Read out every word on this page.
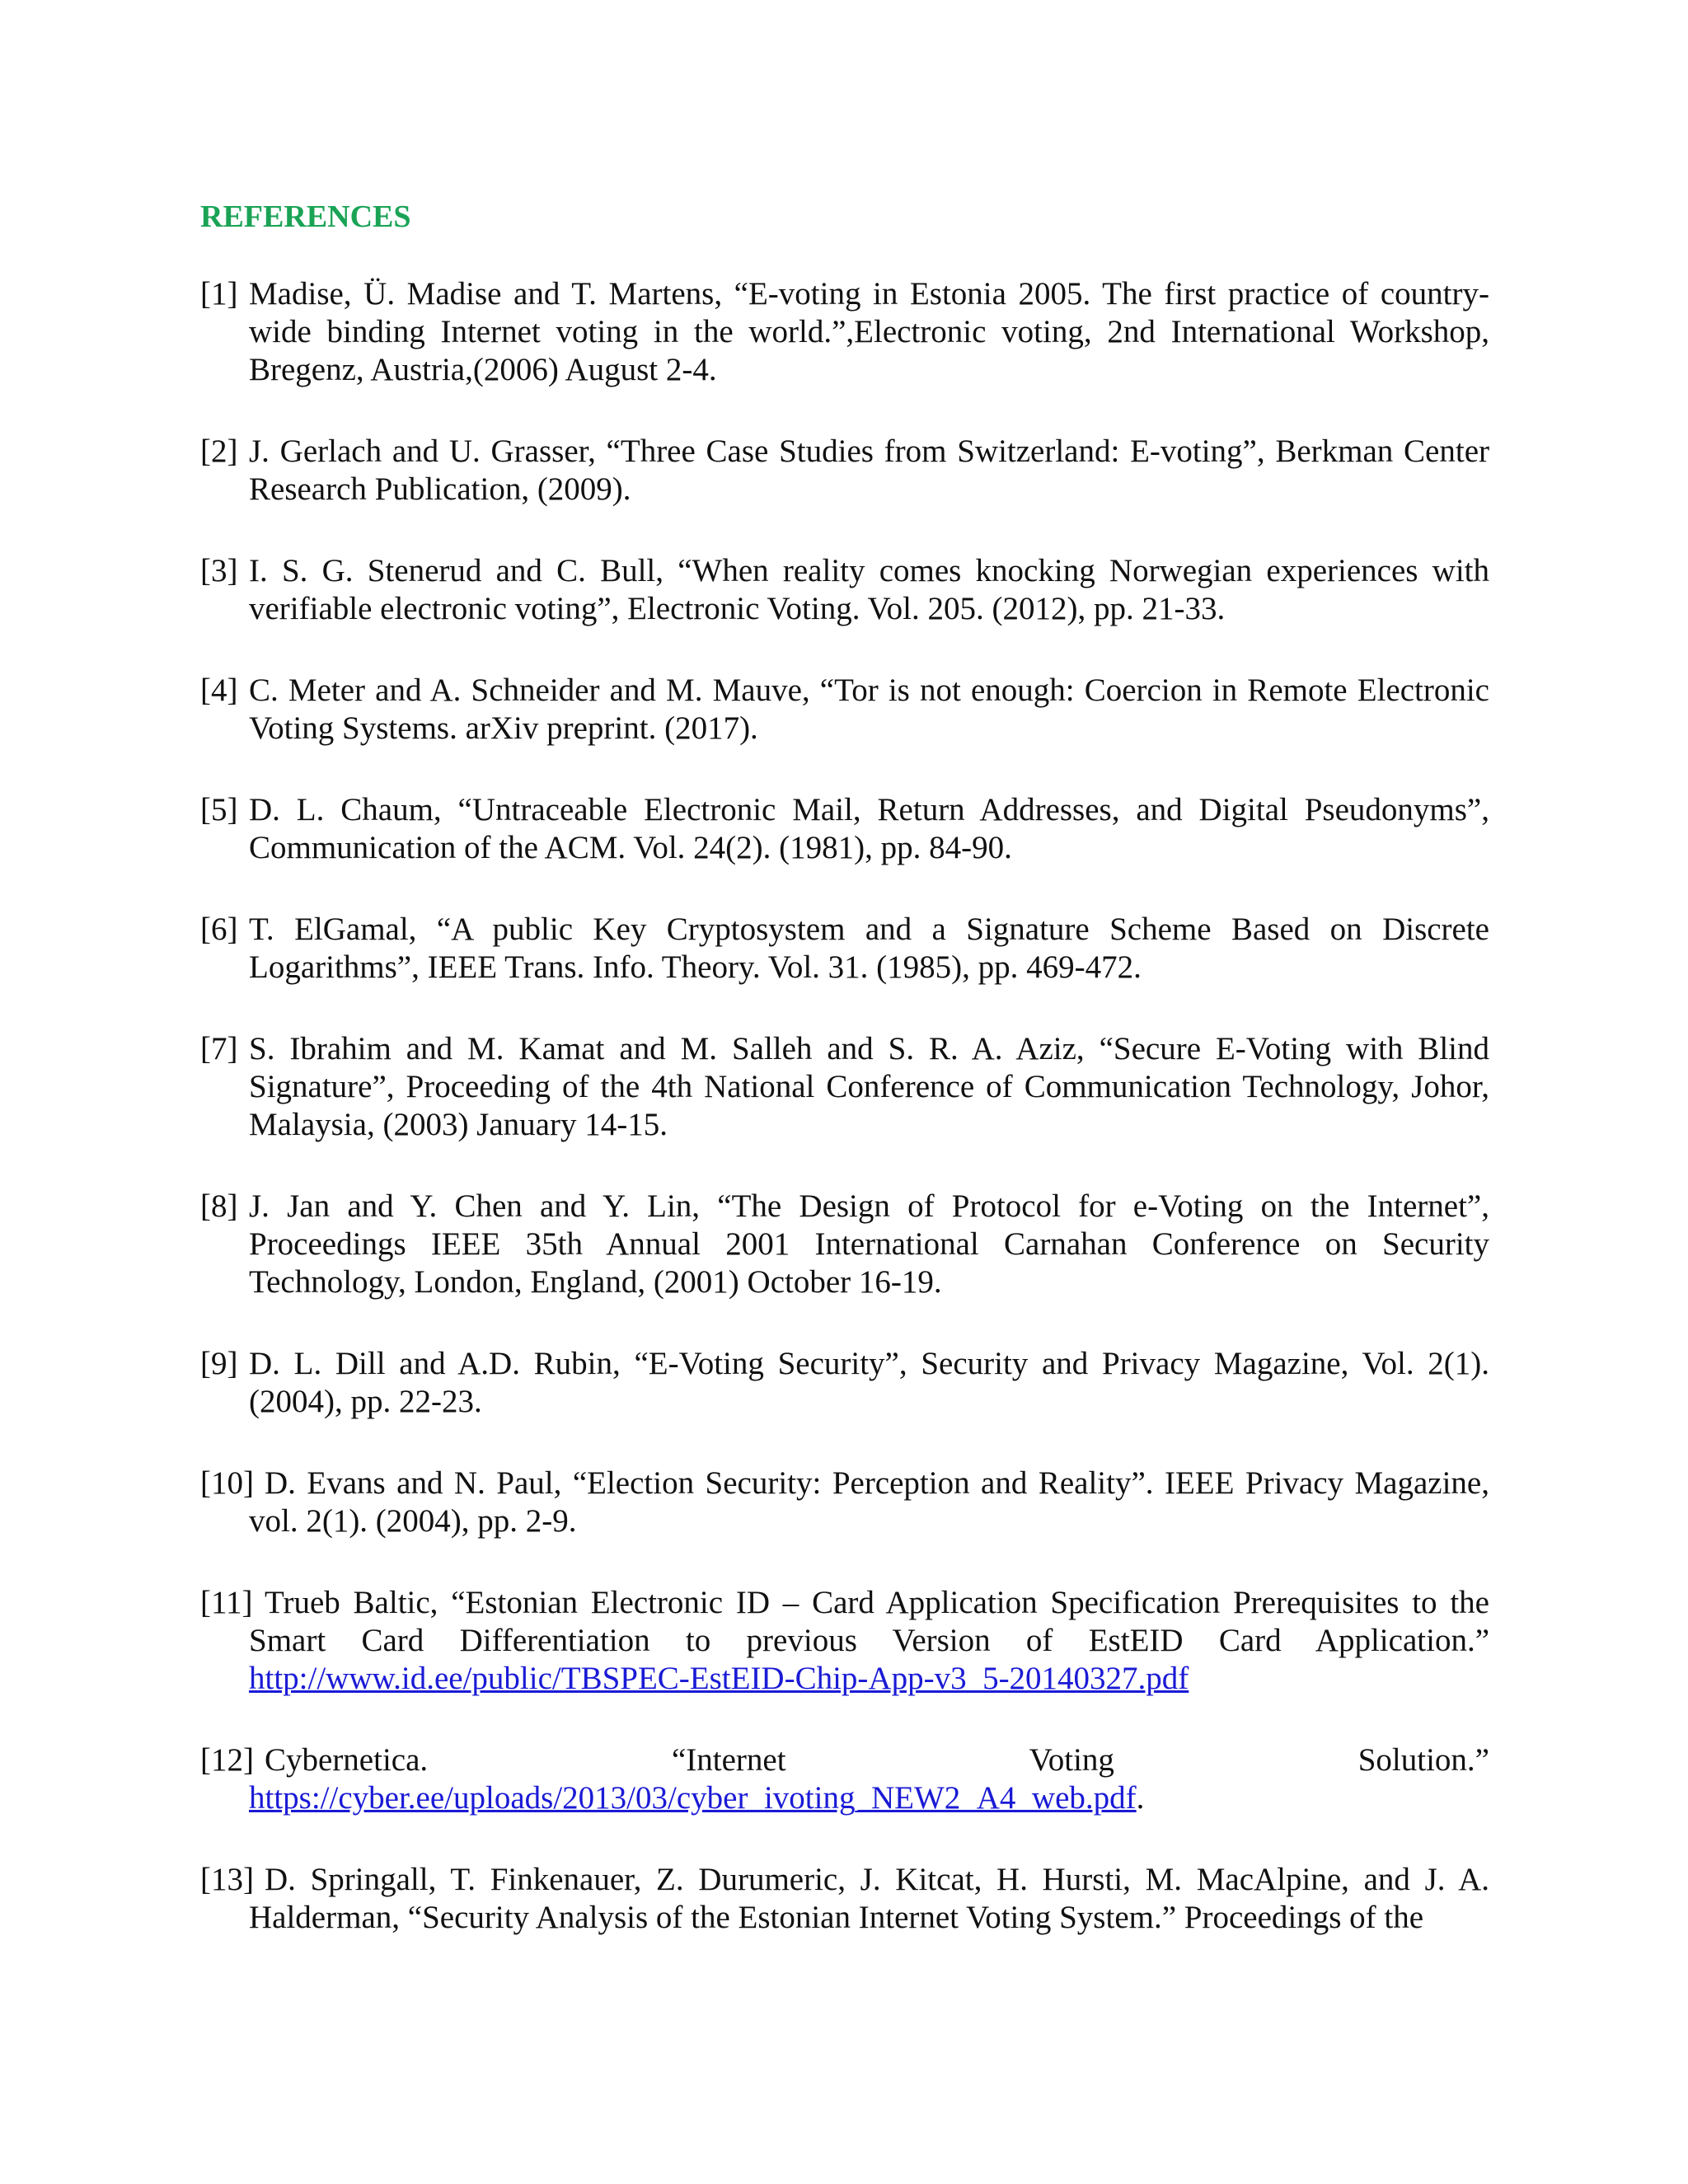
REFERENCES
[1] Madise, Ü. Madise and T. Martens, “E-voting in Estonia 2005. The first practice of country-wide binding Internet voting in the world.”,Electronic voting, 2nd International Workshop, Bregenz, Austria,(2006) August 2-4.
[2] J. Gerlach and U. Grasser, “Three Case Studies from Switzerland: E-voting”, Berkman Center Research Publication, (2009).
[3] I. S. G. Stenerud and C. Bull, “When reality comes knocking Norwegian experiences with verifiable electronic voting”, Electronic Voting. Vol. 205. (2012), pp. 21-33.
[4] C. Meter and A. Schneider and M. Mauve, “Tor is not enough: Coercion in Remote Electronic Voting Systems. arXiv preprint. (2017).
[5] D. L. Chaum, “Untraceable Electronic Mail, Return Addresses, and Digital Pseudonyms”, Communication of the ACM. Vol. 24(2). (1981), pp. 84-90.
[6] T. ElGamal, “A public Key Cryptosystem and a Signature Scheme Based on Discrete Logarithms”, IEEE Trans. Info. Theory. Vol. 31. (1985), pp. 469-472.
[7] S. Ibrahim and M. Kamat and M. Salleh and S. R. A. Aziz, “Secure E-Voting with Blind Signature”, Proceeding of the 4th National Conference of Communication Technology, Johor, Malaysia, (2003) January 14-15.
[8] J. Jan and Y. Chen and Y. Lin, “The Design of Protocol for e-Voting on the Internet”, Proceedings IEEE 35th Annual 2001 International Carnahan Conference on Security Technology, London, England, (2001) October 16-19.
[9] D. L. Dill and A.D. Rubin, “E-Voting Security”, Security and Privacy Magazine, Vol. 2(1). (2004), pp. 22-23.
[10] D. Evans and N. Paul, “Election Security: Perception and Reality”. IEEE Privacy Magazine, vol. 2(1). (2004), pp. 2-9.
[11] Trueb Baltic, “Estonian Electronic ID – Card Application Specification Prerequisites to the Smart Card Differentiation to previous Version of EstEID Card Application.” http://www.id.ee/public/TBSPEC-EstEID-Chip-App-v3_5-20140327.pdf
[12] Cybernetica. “Internet Voting Solution.”
https://cyber.ee/uploads/2013/03/cyber_ivoting_NEW2_A4_web.pdf.
[13] D. Springall, T. Finkenauer, Z. Durumeric, J. Kitcat, H. Hursti, M. MacAlpine, and J. A. Halderman, “Security Analysis of the Estonian Internet Voting System.” Proceedings of the
